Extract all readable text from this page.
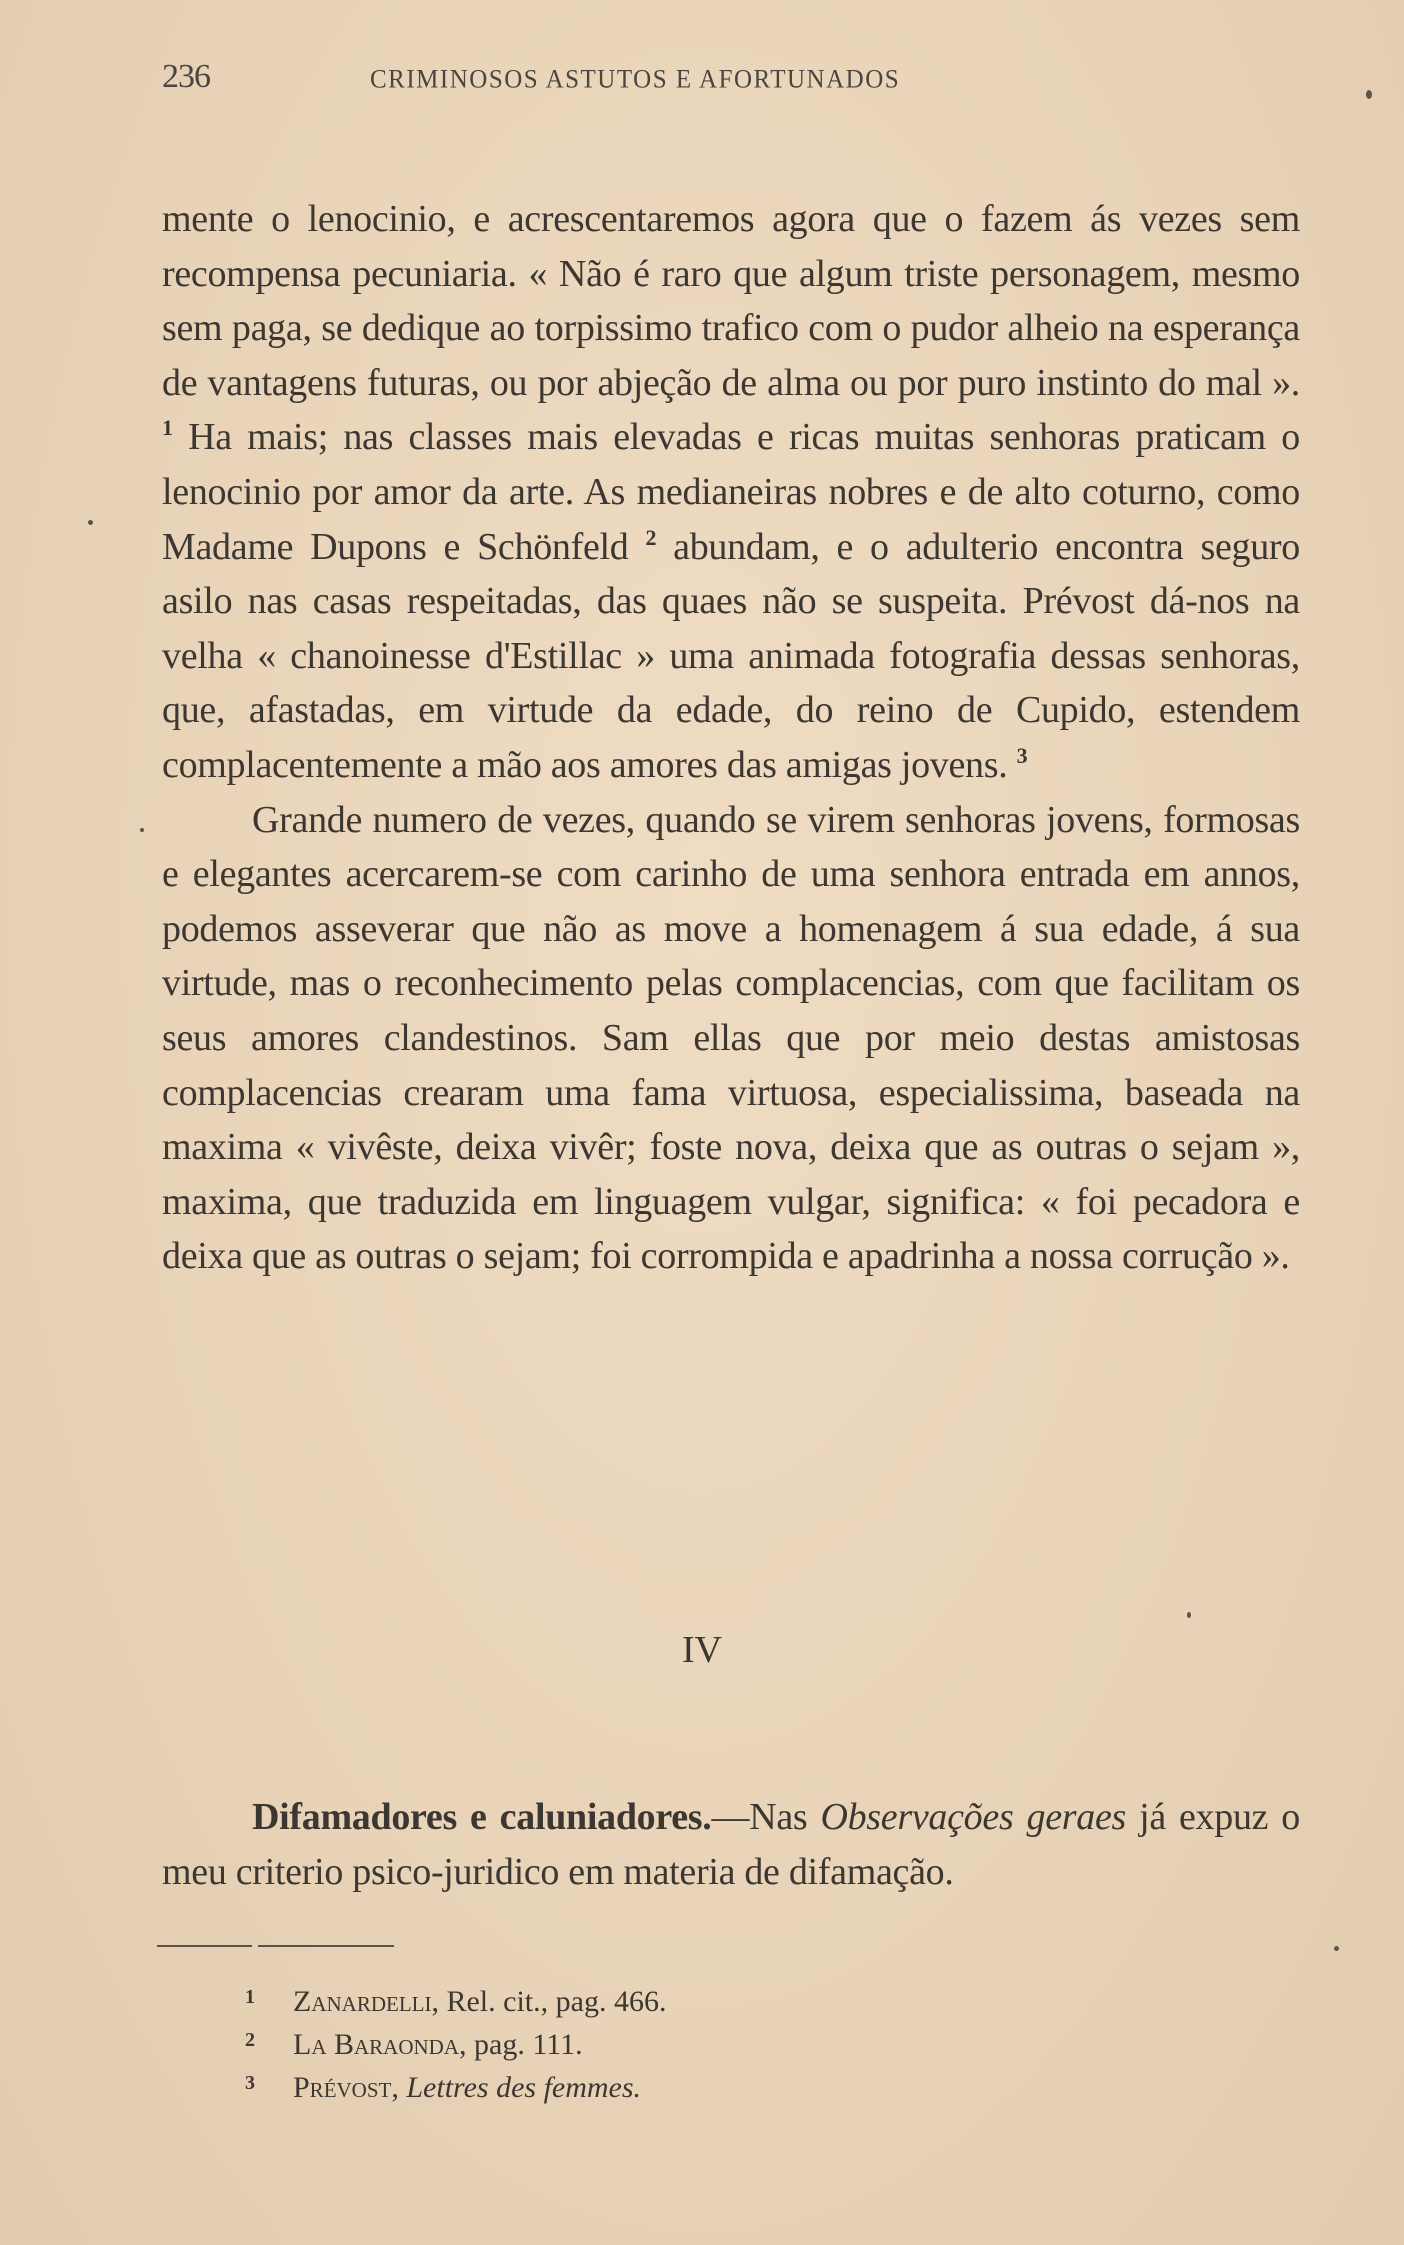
236	CRIMINOSOS ASTUTOS E AFORTUNADOS

mente o lenocinio, e acrescentaremos agora que o fazem ás vezes sem recompensa pecuniaria. « Não é raro que algum triste personagem, mesmo sem paga, se dedique ao torpissimo trafico com o pudor alheio na esperança de vantagens futuras, ou por abjeção de alma ou por puro instinto do mal ». $^1$ Ha mais; nas classes mais elevadas e ricas muitas senhoras praticam o lenocinio por amor da arte. As medianeiras nobres e de alto coturno, como Madame Dupons e Schönfeld $^2$ abundam, e o adulterio encontra seguro asilo nas casas respeitadas, das quaes não se suspeita. Prévost dá-nos na velha « chanoinesse d'Estillac » uma animada fotografia dessas senhoras, que, afastadas, em virtude da edade, do reino de Cupido, estendem complacentemente a mão aos amores das amigas jovens. $^3$

Grande numero de vezes, quando se virem senhoras jovens, formosas e elegantes acercarem-se com carinho de uma senhora entrada em annos, podemos asseverar que não as move a homenagem á sua edade, á sua virtude, mas o reconhecimento pelas complacencias, com que facilitam os seus amores clandestinos. Sam ellas que por meio destas amistosas complacencias crearam uma fama virtuosa, especialissima, baseada na maxima « vivêste, deixa vivêr; foste nova, deixa que as outras o sejam », maxima, que traduzida em linguagem vulgar, significa: « foi pecadora e deixa que as outras o sejam; foi corrompida e apadrinha a nossa corrução ».

IV

Difamadores e caluniadores.—Nas Observações geraes já expuz o meu criterio psico-juridico em materia de difamação.

1	Zanardelli, Rel. cit., pag. 466.
2	La Baraonda, pag. 111.
3	Prévost, Lettres des femmes.
